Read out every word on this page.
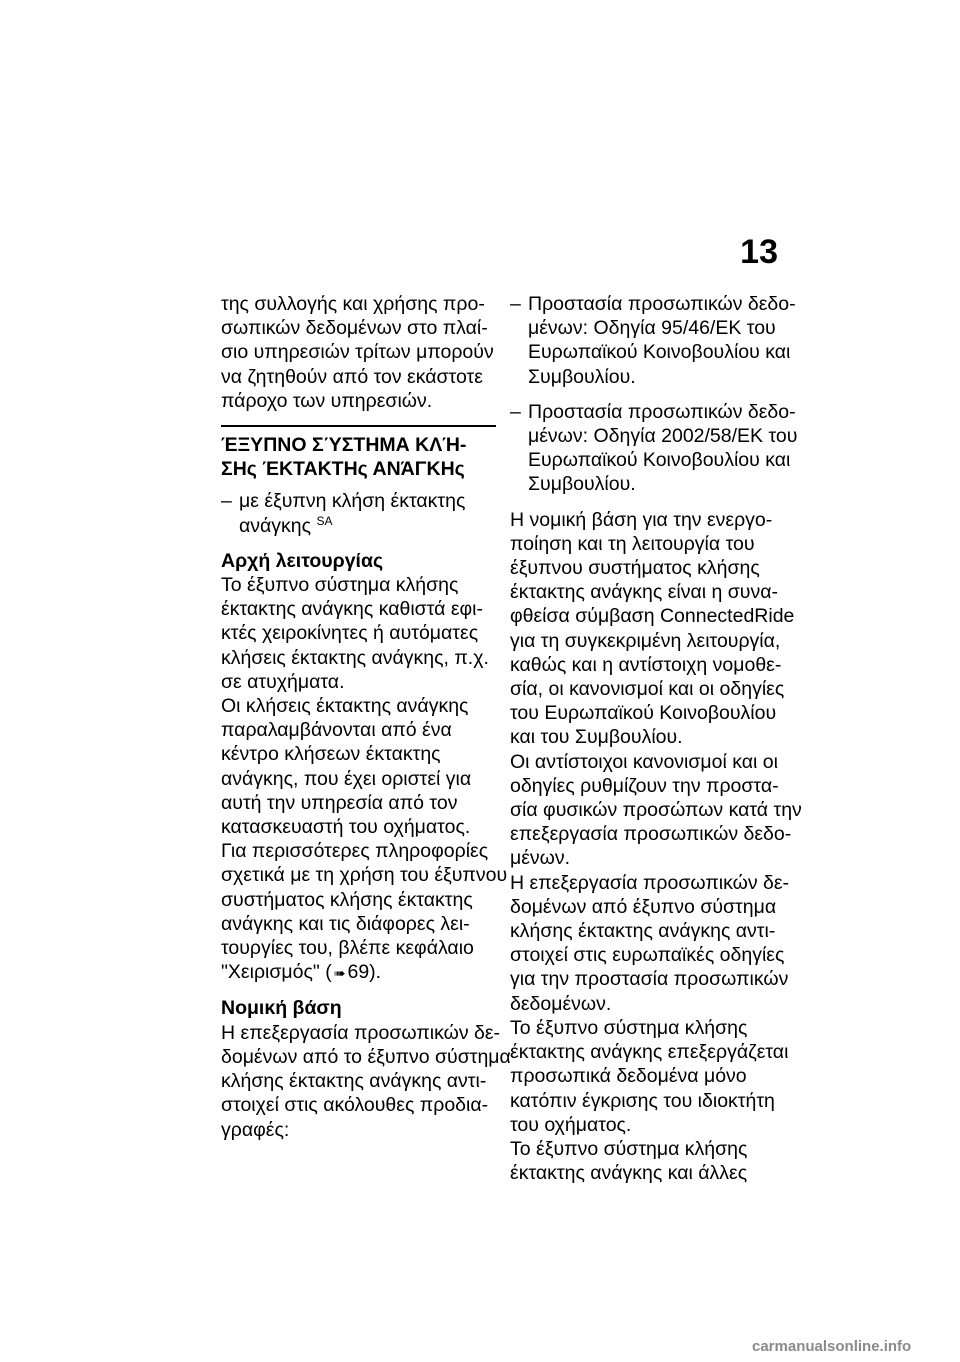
13
της συλλογής και χρήσης προ-
σωπικών δεδομένων στο πλαί-
σιο υπηρεσιών τρίτων μπορούν
να ζητηθούν από τον εκάστοτε
πάροχο των υπηρεσιών.
ΈΞΥΠΝΟ ΣΎΣΤΗΜΑ ΚΛΉ-
ΣΗς ΈΚΤΑΚΤΗς ΑΝΆΓΚΗς
– με έξυπνη κλήση έκτακτης
ανάγκης $^{SA}$
Αρχή λειτουργίας
Το έξυπνο σύστημα κλήσης
έκτακτης ανάγκης καθιστά εφι-
κτές χειροκίνητες ή αυτόματες
κλήσεις έκτακτης ανάγκης, π.χ.
σε ατυχήματα.
Οι κλήσεις έκτακτης ανάγκης
παραλαμβάνονται από ένα
κέντρο κλήσεων έκτακτης
ανάγκης, που έχει οριστεί για
αυτή την υπηρεσία από τον
κατασκευαστή του οχήματος.
Για περισσότερες πληροφορίες
σχετικά με τη χρήση του έξυπνου
συστήματος κλήσης έκτακτης
ανάγκης και τις διάφορες λει-
τουργίες του, βλέπε κεφάλαιο
"Χειρισμός" ( ➠ 69).
Νομική βάση
Η επεξεργασία προσωπικών δε-
δομένων από το έξυπνο σύστημα
κλήσης έκτακτης ανάγκης αντι-
στοιχεί στις ακόλουθες προδια-
γραφές:
– Προστασία προσωπικών δεδο-
μένων: Οδηγία 95/46/ΕΚ του
Ευρωπαϊκού Κοινοβουλίου και
Συμβουλίου.
– Προστασία προσωπικών δεδο-
μένων: Οδηγία 2002/58/ΕΚ του
Ευρωπαϊκού Κοινοβουλίου και
Συμβουλίου.
Η νομική βάση για την ενεργο-
ποίηση και τη λειτουργία του
έξυπνου συστήματος κλήσης
έκτακτης ανάγκης είναι η συνα-
φθείσα σύμβαση ConnectedRide
για τη συγκεκριμένη λειτουργία,
καθώς και η αντίστοιχη νομοθε-
σία, οι κανονισμοί και οι οδηγίες
του Ευρωπαϊκού Κοινοβουλίου
και του Συμβουλίου.
Οι αντίστοιχοι κανονισμοί και οι
οδηγίες ρυθμίζουν την προστα-
σία φυσικών προσώπων κατά την
επεξεργασία προσωπικών δεδο-
μένων.
Η επεξεργασία προσωπικών δε-
δομένων από έξυπνο σύστημα
κλήσης έκτακτης ανάγκης αντι-
στοιχεί στις ευρωπαϊκές οδηγίες
για την προστασία προσωπικών
δεδομένων.
Το έξυπνο σύστημα κλήσης
έκτακτης ανάγκης επεξεργάζεται
προσωπικά δεδομένα μόνο
κατόπιν έγκρισης του ιδιοκτήτη
του οχήματος.
Το έξυπνο σύστημα κλήσης
έκτακτης ανάγκης και άλλες
carmanualsonline.info
